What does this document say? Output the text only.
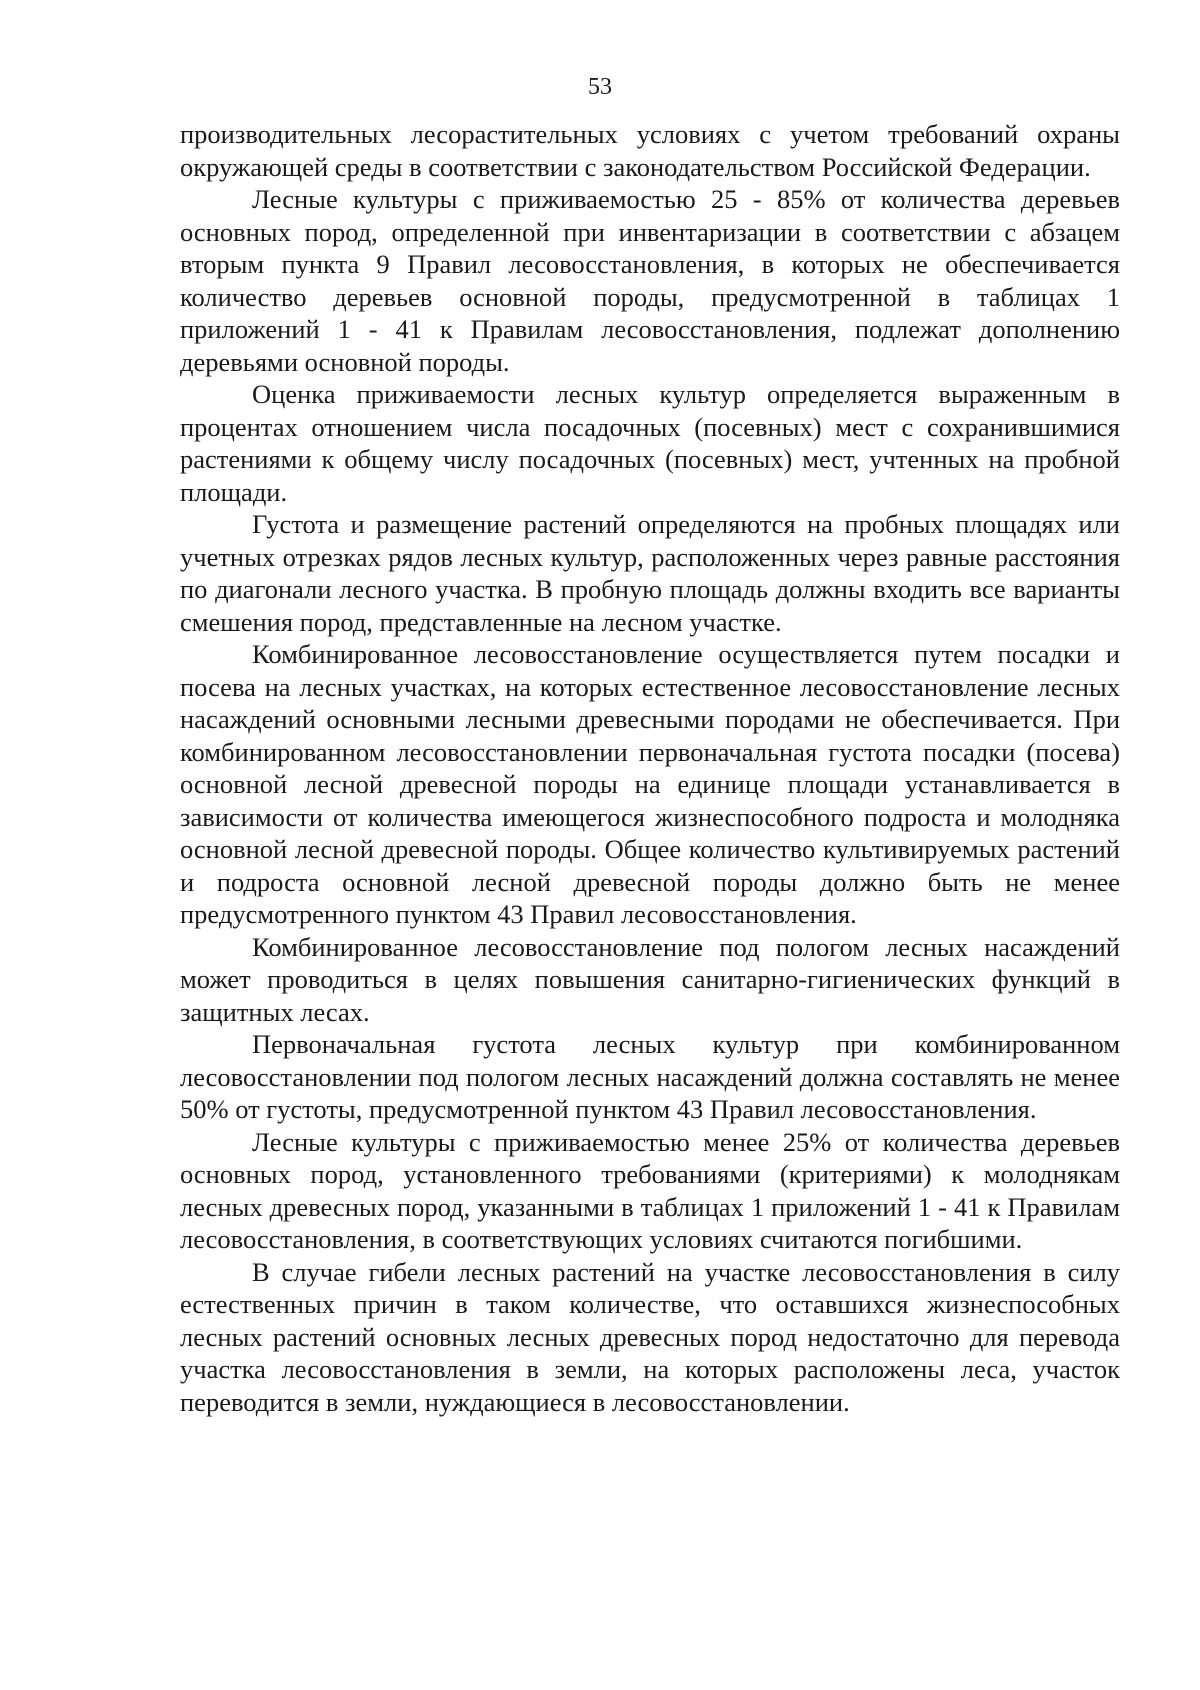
53

производительных лесорастительных условиях с учетом требований охраны окружающей среды в соответствии с законодательством Российской Федерации.

Лесные культуры с приживаемостью 25 - 85% от количества деревьев основных пород, определенной при инвентаризации в соответствии с абзацем вторым пункта 9 Правил лесовосстановления, в которых не обеспечивается количество деревьев основной породы, предусмотренной в таблицах 1 приложений 1 - 41 к Правилам лесовосстановления, подлежат дополнению деревьями основной породы.

Оценка приживаемости лесных культур определяется выраженным в процентах отношением числа посадочных (посевных) мест с сохранившимися растениями к общему числу посадочных (посевных) мест, учтенных на пробной площади.

Густота и размещение растений определяются на пробных площадях или учетных отрезках рядов лесных культур, расположенных через равные расстояния по диагонали лесного участка. В пробную площадь должны входить все варианты смешения пород, представленные на лесном участке.

Комбинированное лесовосстановление осуществляется путем посадки и посева на лесных участках, на которых естественное лесовосстановление лесных насаждений основными лесными древесными породами не обеспечивается. При комбинированном лесовосстановлении первоначальная густота посадки (посева) основной лесной древесной породы на единице площади устанавливается в зависимости от количества имеющегося жизнеспособного подроста и молодняка основной лесной древесной породы. Общее количество культивируемых растений и подроста основной лесной древесной породы должно быть не менее предусмотренного пунктом 43 Правил лесовосстановления.

Комбинированное лесовосстановление под пологом лесных насаждений может проводиться в целях повышения санитарно-гигиенических функций в защитных лесах.

Первоначальная густота лесных культур при комбинированном лесовосстановлении под пологом лесных насаждений должна составлять не менее 50% от густоты, предусмотренной пунктом 43 Правил лесовосстановления.

Лесные культуры с приживаемостью менее 25% от количества деревьев основных пород, установленного требованиями (критериями) к молоднякам лесных древесных пород, указанными в таблицах 1 приложений 1 - 41 к Правилам лесовосстановления, в соответствующих условиях считаются погибшими.

В случае гибели лесных растений на участке лесовосстановления в силу естественных причин в таком количестве, что оставшихся жизнеспособных лесных растений основных лесных древесных пород недостаточно для перевода участка лесовосстановления в земли, на которых расположены леса, участок переводится в земли, нуждающиеся в лесовосстановлении.
